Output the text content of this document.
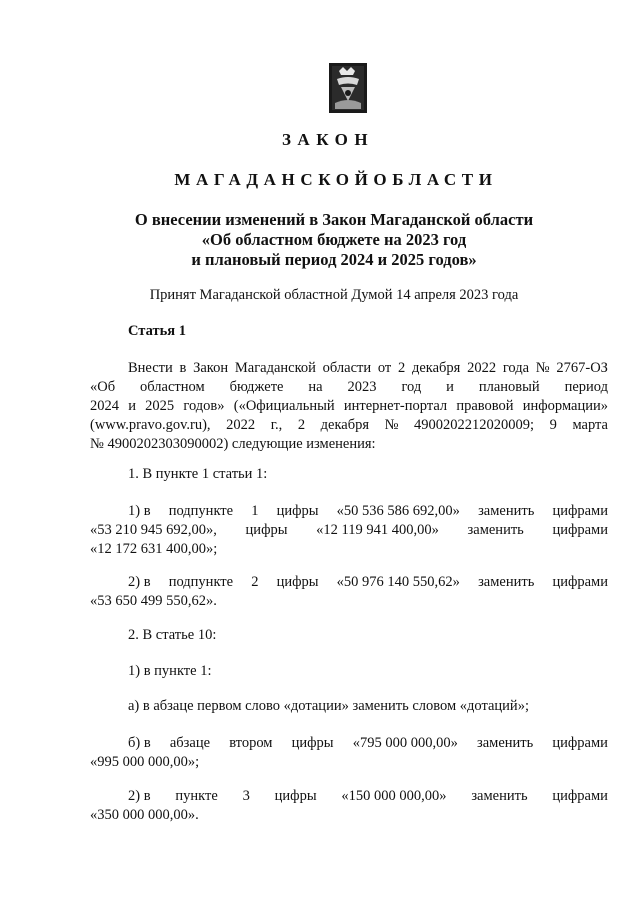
ЗАКОН
МАГАДАНСКОЙОБЛАСТИ
О внесении изменений в Закон Магаданской области
«Об областном бюджете на 2023 год
и плановый период 2024 и 2025 годов»
Принят Магаданской областной Думой 14 апреля 2023 года
Статья 1
Внести в Закон Магаданской области от 2 декабря 2022 года № 2767-ОЗ
«Об областном бюджете на 2023 год и плановый период
2024 и 2025 годов» («Официальный интернет-портал правовой информации»
(www.pravo.gov.ru), 2022 г., 2 декабря № 4900202212020009; 9 марта
№ 4900202303090002) следующие изменения:
1. В пункте 1 статьи 1:
1) в подпункте 1 цифры «50 536 586 692,00» заменить цифрами
«53 210 945 692,00», цифры «12 119 941 400,00» заменить цифрами
«12 172 631 400,00»;
2) в подпункте 2 цифры «50 976 140 550,62» заменить цифрами
«53 650 499 550,62».
2. В статье 10:
1) в пункте 1:
а) в абзаце первом слово «дотации» заменить словом «дотаций»;
б) в абзаце втором цифры «795 000 000,00» заменить цифрами
«995 000 000,00»;
2) в пункте 3 цифры «150 000 000,00» заменить цифрами
«350 000 000,00».
